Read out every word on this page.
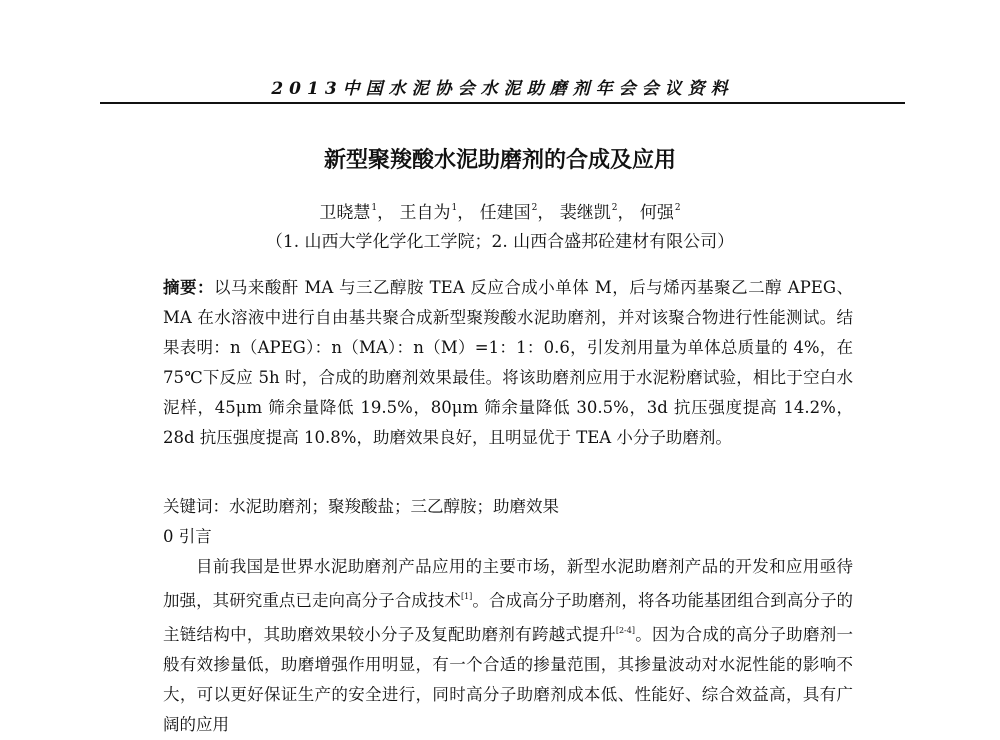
2013中国水泥协会水泥助磨剂年会会议资料
新型聚羧酸水泥助磨剂的合成及应用
卫晓慧$^1$， 王自为$^1$， 任建国$^2$， 裴继凯$^2$， 何强$^2$
（1. 山西大学化学化工学院；2. 山西合盛邦砼建材有限公司）
摘要：以马来酸酐 MA 与三乙醇胺 TEA 反应合成小单体 M，后与烯丙基聚乙二醇 APEG、MA 在水溶液中进行自由基共聚合成新型聚羧酸水泥助磨剂，并对该聚合物进行性能测试。结果表明：n（APEG）：n（MA）：n（M）=1：1：0.6，引发剂用量为单体总质量的 4%，在 75℃下反应 5h 时，合成的助磨剂效果最佳。将该助磨剂应用于水泥粉磨试验，相比于空白水泥样，45μm 筛余量降低 19.5%，80μm 筛余量降低 30.5%，3d 抗压强度提高 14.2%，28d 抗压强度提高 10.8%，助磨效果良好，且明显优于 TEA 小分子助磨剂。
关键词：水泥助磨剂；聚羧酸盐；三乙醇胺；助磨效果
0 引言
目前我国是世界水泥助磨剂产品应用的主要市场，新型水泥助磨剂产品的开发和应用亟待加强，其研究重点已走向高分子合成技术[1]。合成高分子助磨剂，将各功能基团组合到高分子的主链结构中，其助磨效果较小分子及复配助磨剂有跨越式提升[2-4]。因为合成的高分子助磨剂一般有效掺量低，助磨增强作用明显，有一个合适的掺量范围，其掺量波动对水泥性能的影响不大，可以更好保证生产的安全进行，同时高分子助磨剂成本低、性能好、综合效益高，具有广阔的应用
